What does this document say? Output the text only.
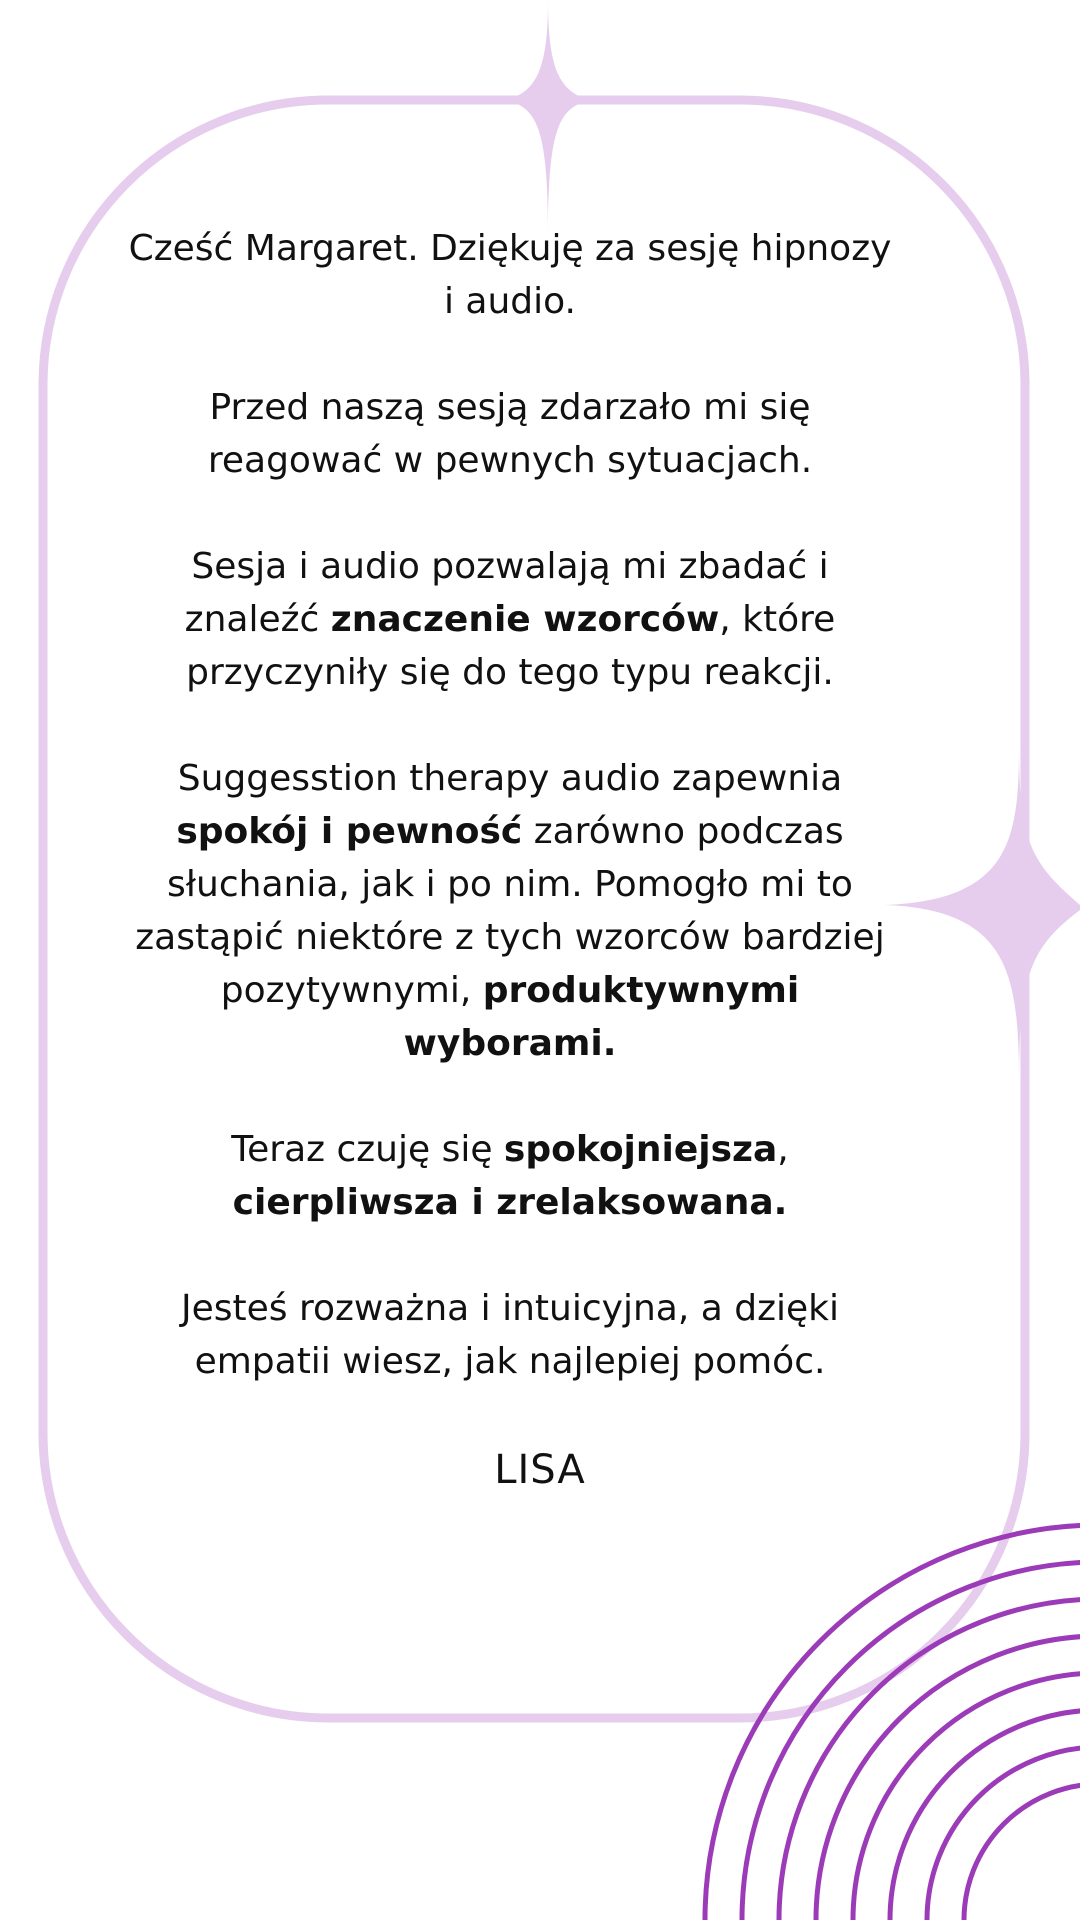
Cześć Margaret. Dziękuję za sesję hipnozy i audio.

Przed naszą sesją zdarzało mi się reagować w pewnych sytuacjach.

Sesja i audio pozwalają mi zbadać i znaleźć znaczenie wzorców, które przyczyniły się do tego typu reakcji.

Suggesstion therapy audio zapewnia spokój i pewność zarówno podczas słuchania, jak i po nim. Pomogło mi to zastąpić niektóre z tych wzorców bardziej pozytywnymi, produktywnymi wyborami.

Teraz czuję się spokojniejsza,
cierpliwsza i zrelaksowana.

Jesteś rozważna i intuicyjna, a dzięki empatii wiesz, jak najlepiej pomóc.

LISA
